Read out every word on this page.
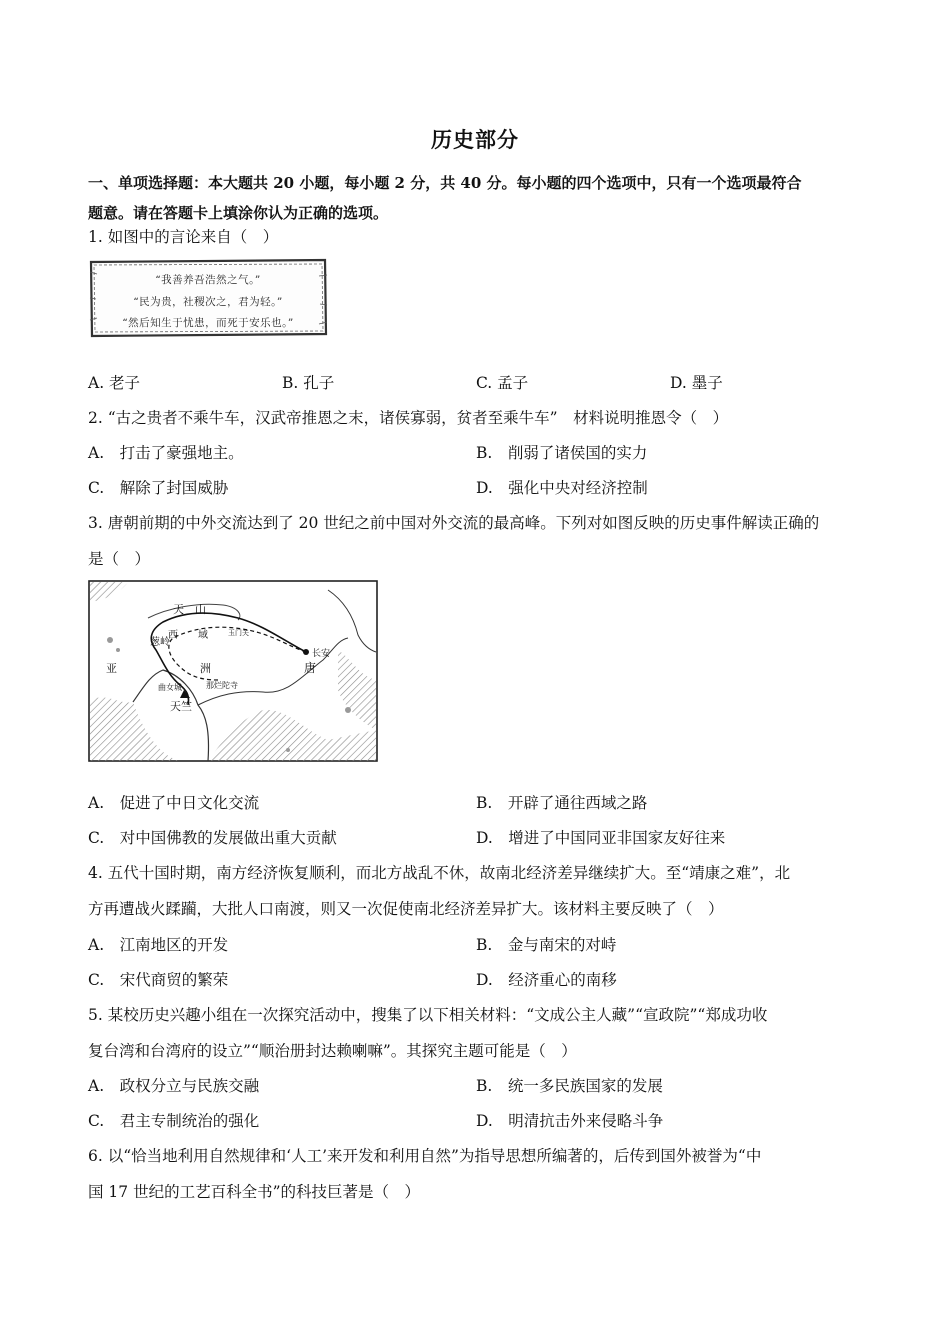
历史部分
一、单项选择题：本大题共 20 小题，每小题 2 分，共 40 分。每小题的四个选项中，只有一个选项最符合
题意。请在答题卡上填涂你认为正确的选项。
1. 如图中的言论来自（　）
“我善养吾浩然之气。”
“民为贵，社稷次之，君为轻。”
“然后知生于忧患，而死于安乐也。”
A. 老子	B. 孔子	C. 孟子	D. 墨子
2. “古之贵者不乘牛车，汉武帝推恩之末，诸侯寡弱，贫者至乘牛车”　材料说明推恩令（　）
A.　打击了豪强地主。	B.　削弱了诸侯国的实力
C.　解除了封国威胁	D.　强化中央对经济控制
3. 唐朝前期的中外交流达到了 20 世纪之前中国对外交流的最高峰。下列对如图反映的历史事件解读正确的
是（　）
天　山
西　　域	玉门关
葱岭
长安
亚	洲	唐
曲女城	那烂陀寺
天竺
A.　促进了中日文化交流	B.　开辟了通往西域之路
C.　对中国佛教的发展做出重大贡献	D.　增进了中国同亚非国家友好往来
4. 五代十国时期，南方经济恢复顺利，而北方战乱不休，故南北经济差异继续扩大。至“靖康之难”，北
方再遭战火蹂躏，大批人口南渡，则又一次促使南北经济差异扩大。该材料主要反映了（　）
A.　江南地区的开发	B.　金与南宋的对峙
C.　宋代商贸的繁荣	D.　经济重心的南移
5. 某校历史兴趣小组在一次探究活动中，搜集了以下相关材料：“文成公主人藏”“宣政院”“郑成功收
复台湾和台湾府的设立”“顺治册封达赖喇嘛”。其探究主题可能是（　）
A.　政权分立与民族交融	B.　统一多民族国家的发展
C.　君主专制统治的强化	D.　明清抗击外来侵略斗争
6. 以“恰当地利用自然规律和‘人工’来开发和利用自然”为指导思想所编著的，后传到国外被誉为“中
国 17 世纪的工艺百科全书”的科技巨著是（　）
